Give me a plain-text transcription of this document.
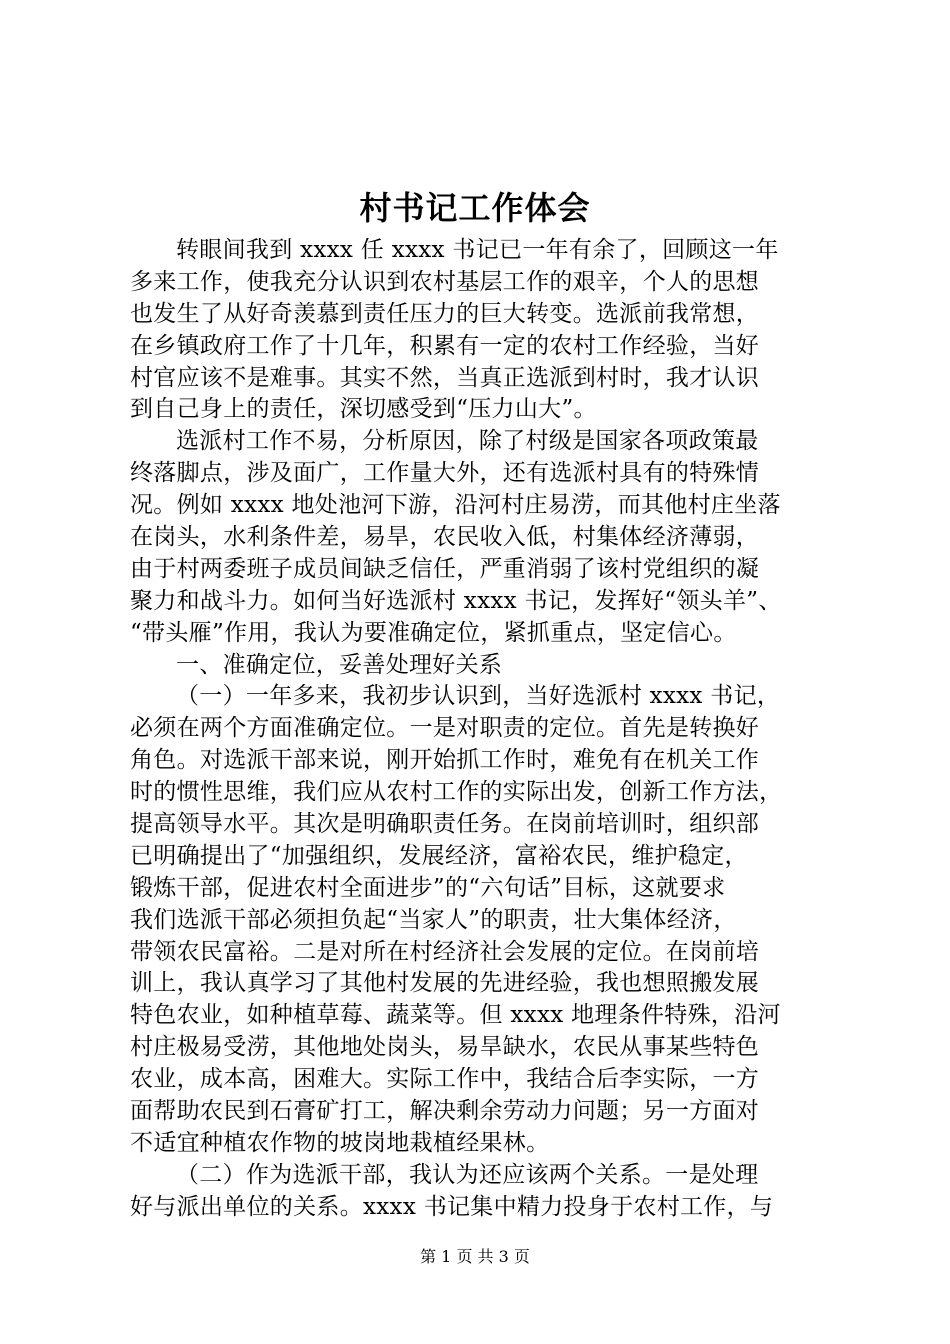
村书记工作体会
转眼间我到 xxxx 任 xxxx 书记已一年有余了，回顾这一年
多来工作，使我充分认识到农村基层工作的艰辛，个人的思想
也发生了从好奇羡慕到责任压力的巨大转变。选派前我常想，
在乡镇政府工作了十几年，积累有一定的农村工作经验，当好
村官应该不是难事。其实不然，当真正选派到村时，我才认识
到自己身上的责任，深切感受到“压力山大”。
选派村工作不易，分析原因，除了村级是国家各项政策最
终落脚点，涉及面广，工作量大外，还有选派村具有的特殊情
况。例如 xxxx 地处池河下游，沿河村庄易涝，而其他村庄坐落
在岗头，水利条件差，易旱，农民收入低，村集体经济薄弱，
由于村两委班子成员间缺乏信任，严重消弱了该村党组织的凝
聚力和战斗力。如何当好选派村 xxxx 书记，发挥好“领头羊”、
“带头雁”作用，我认为要准确定位，紧抓重点，坚定信心。
一、准确定位，妥善处理好关系
（一）一年多来，我初步认识到，当好选派村 xxxx 书记，
必须在两个方面准确定位。一是对职责的定位。首先是转换好
角色。对选派干部来说，刚开始抓工作时，难免有在机关工作
时的惯性思维，我们应从农村工作的实际出发，创新工作方法，
提高领导水平。其次是明确职责任务。在岗前培训时，组织部
已明确提出了“加强组织，发展经济，富裕农民，维护稳定，
锻炼干部，促进农村全面进步”的“六句话”目标，这就要求
我们选派干部必须担负起“当家人”的职责，壮大集体经济，
带领农民富裕。二是对所在村经济社会发展的定位。在岗前培
训上，我认真学习了其他村发展的先进经验，我也想照搬发展
特色农业，如种植草莓、蔬菜等。但 xxxx 地理条件特殊，沿河
村庄极易受涝，其他地处岗头，易旱缺水，农民从事某些特色
农业，成本高，困难大。实际工作中，我结合后李实际，一方
面帮助农民到石膏矿打工，解决剩余劳动力问题；另一方面对
不适宜种植农作物的坡岗地栽植经果林。
（二）作为选派干部，我认为还应该两个关系。一是处理
好与派出单位的关系。xxxx 书记集中精力投身于农村工作，与
第 1 页 共 3 页
